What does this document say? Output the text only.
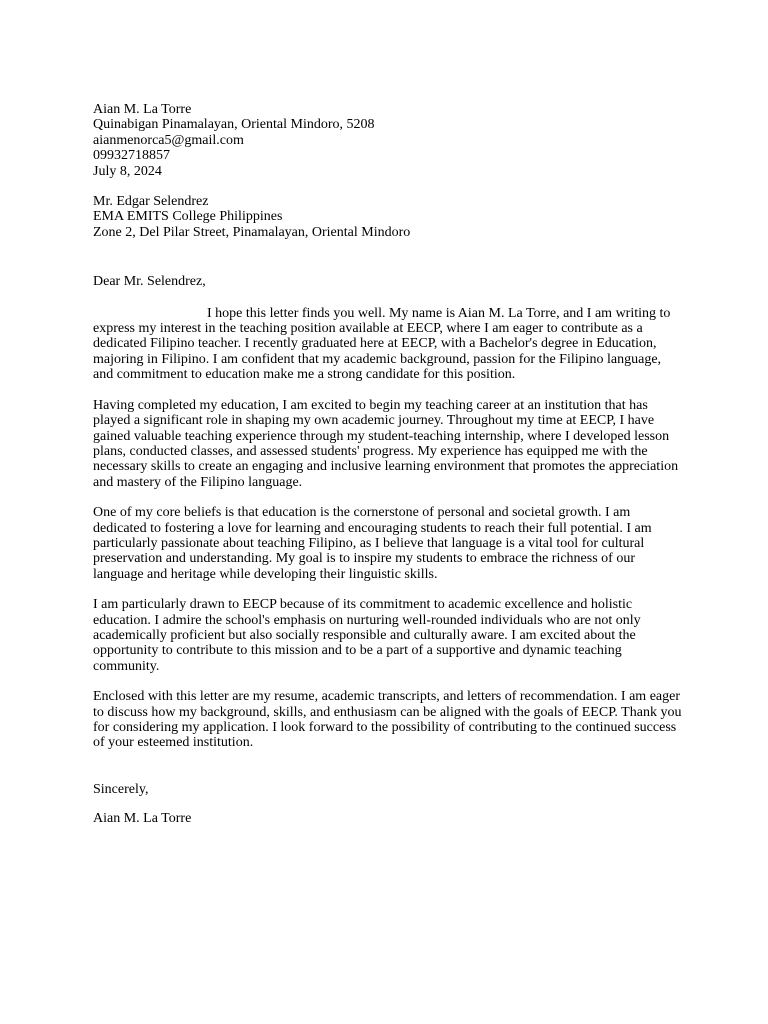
Aian M. La Torre
Quinabigan Pinamalayan, Oriental Mindoro, 5208
aianmenorca5@gmail.com
09932718857
July 8, 2024
Mr. Edgar Selendrez
EMA EMITS College Philippines
Zone 2, Del Pilar Street, Pinamalayan, Oriental Mindoro
Dear Mr. Selendrez,

I hope this letter finds you well. My name is Aian M. La Torre, and I am writing to express my interest in the teaching position available at EECP, where I am eager to contribute as a dedicated Filipino teacher. I recently graduated here at EECP, with a Bachelor's degree in Education, majoring in Filipino. I am confident that my academic background, passion for the Filipino language, and commitment to education make me a strong candidate for this position.

Having completed my education, I am excited to begin my teaching career at an institution that has played a significant role in shaping my own academic journey. Throughout my time at EECP, I have gained valuable teaching experience through my student-teaching internship, where I developed lesson plans, conducted classes, and assessed students' progress. My experience has equipped me with the necessary skills to create an engaging and inclusive learning environment that promotes the appreciation and mastery of the Filipino language.

One of my core beliefs is that education is the cornerstone of personal and societal growth. I am dedicated to fostering a love for learning and encouraging students to reach their full potential. I am particularly passionate about teaching Filipino, as I believe that language is a vital tool for cultural preservation and understanding. My goal is to inspire my students to embrace the richness of our language and heritage while developing their linguistic skills.

I am particularly drawn to EECP because of its commitment to academic excellence and holistic education. I admire the school's emphasis on nurturing well-rounded individuals who are not only academically proficient but also socially responsible and culturally aware. I am excited about the opportunity to contribute to this mission and to be a part of a supportive and dynamic teaching community.

Enclosed with this letter are my resume, academic transcripts, and letters of recommendation. I am eager to discuss how my background, skills, and enthusiasm can be aligned with the goals of EECP. Thank you for considering my application. I look forward to the possibility of contributing to the continued success of your esteemed institution.

Sincerely,
Aian M. La Torre
